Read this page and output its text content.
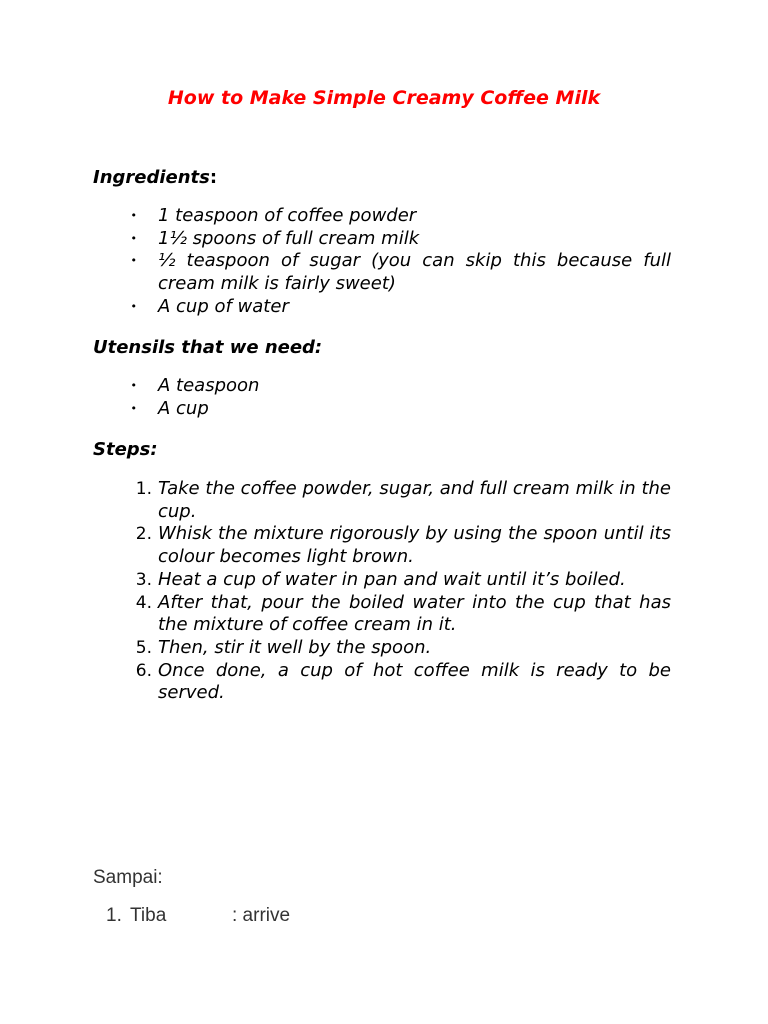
How to Make Simple Creamy Coffee Milk
Ingredients:
• 1 teaspoon of coffee powder
• 1½ spoons of full cream milk
• ½ teaspoon of sugar (you can skip this because full cream milk is fairly sweet)
• A cup of water
Utensils that we need:
• A teaspoon
• A cup
Steps:
1. Take the coffee powder, sugar, and full cream milk in the cup.
2. Whisk the mixture rigorously by using the spoon until its colour becomes light brown.
3. Heat a cup of water in pan and wait until it’s boiled.
4. After that, pour the boiled water into the cup that has the mixture of coffee cream in it.
5. Then, stir it well by the spoon.
6. Once done, a cup of hot coffee milk is ready to be served.

Sampai:

1. Tiba	: arrive
